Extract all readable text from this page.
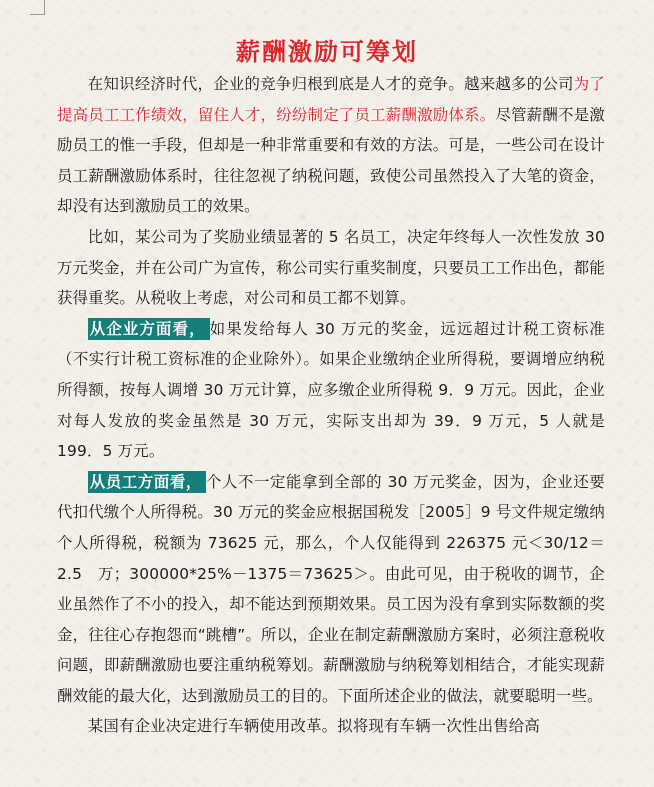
薪酬激励可筹划

在知识经济时代，企业的竞争归根到底是人才的竞争。越来越多的公司为了提高员工工作绩效，留住人才，纷纷制定了员工薪酬激励体系。尽管薪酬不是激励员工的惟一手段，但却是一种非常重要和有效的方法。可是，一些公司在设计员工薪酬激励体系时，往往忽视了纳税问题，致使公司虽然投入了大笔的资金，却没有达到激励员工的效果。

比如，某公司为了奖励业绩显著的 5 名员工，决定年终每人一次性发放 30 万元奖金，并在公司广为宣传，称公司实行重奖制度，只要员工工作出色，都能获得重奖。从税收上考虑，对公司和员工都不划算。

从企业方面看， 如果发给每人 30 万元的奖金，远远超过计税工资标准（不实行计税工资标准的企业除外）。如果企业缴纳企业所得税，要调增应纳税所得额，按每人调增 30 万元计算，应多缴企业所得税 9．9 万元。因此，企业对每人发放的奖金虽然是 30 万元，实际支出却为 39．9 万元，5 人就是 199．5 万元。

从员工方面看， 个人不一定能拿到全部的 30 万元奖金，因为，企业还要代扣代缴个人所得税。30 万元的奖金应根据国税发［2005］9 号文件规定缴纳个人所得税，税额为 73625 元，那么，个人仅能得到 226375 元＜30/12＝2.5　万；300000*25%－1375＝73625＞。由此可见，由于税收的调节，企业虽然作了不小的投入，却不能达到预期效果。员工因为没有拿到实际数额的奖金，往往心存抱怨而“跳槽”。所以，企业在制定薪酬激励方案时，必须注意税收问题，即薪酬激励也要注重纳税筹划。薪酬激励与纳税筹划相结合，才能实现薪酬效能的最大化，达到激励员工的目的。下面所述企业的做法，就要聪明一些。

某国有企业决定进行车辆使用改革。拟将现有车辆一次性出售给高
